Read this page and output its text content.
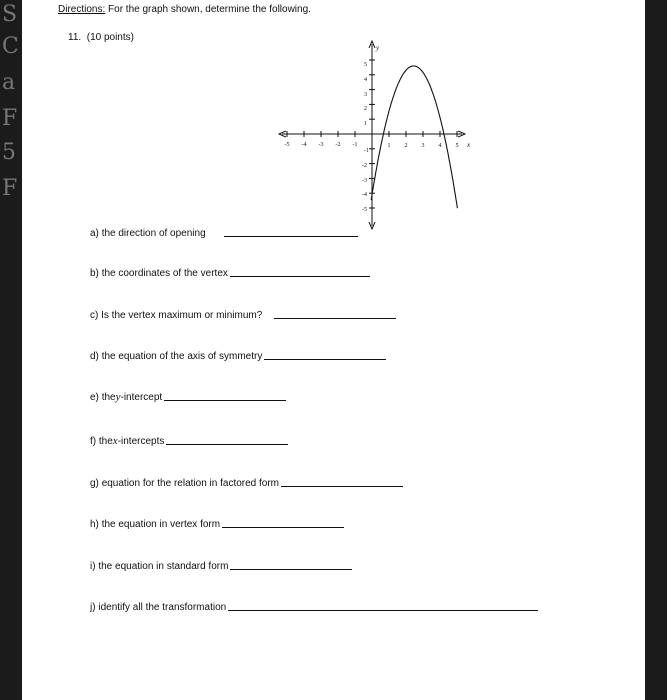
S
C
a
F
5
F
Directions: For the graph shown, determine the following.
11. (10 points)
-5 -4 -3 -2 -1	1 2 3 4 5
5
4
3
2
1
-1
-2
-3
-4
-5
y
x
a)
the direction of opening
b)
the coordinates of the vertex
c)
Is the vertex maximum or minimum?
d)
the equation of the axis of symmetry
e)
the y -intercept
f)
the x -intercepts
g)
equation for the relation in factored form
h)
the equation in vertex form
i)
the equation in standard form
j)
identify all the transformation
